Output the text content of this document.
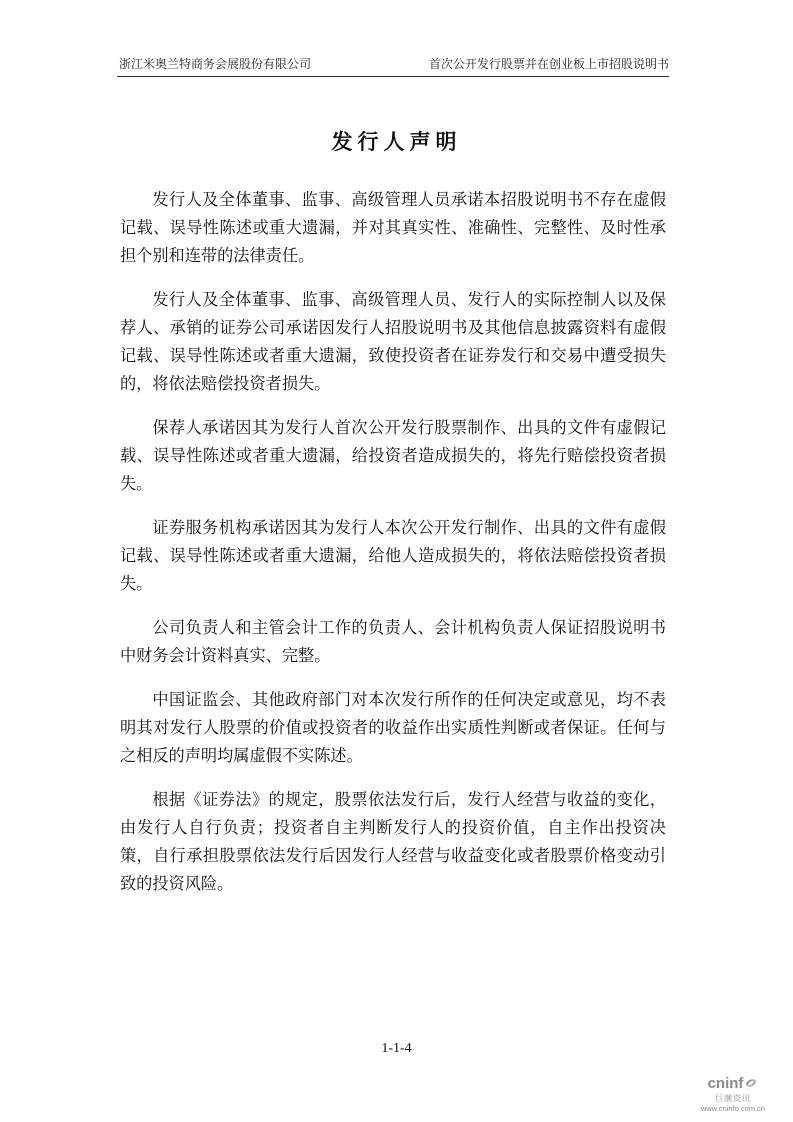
浙江米奥兰特商务会展股份有限公司	首次公开发行股票并在创业板上市招股说明书
发行人声明

发行人及全体董事、监事、高级管理人员承诺本招股说明书不存在虚假记载、误导性陈述或重大遗漏，并对其真实性、准确性、完整性、及时性承担个别和连带的法律责任。

发行人及全体董事、监事、高级管理人员、发行人的实际控制人以及保荐人、承销的证券公司承诺因发行人招股说明书及其他信息披露资料有虚假记载、误导性陈述或者重大遗漏，致使投资者在证券发行和交易中遭受损失的，将依法赔偿投资者损失。

保荐人承诺因其为发行人首次公开发行股票制作、出具的文件有虚假记载、误导性陈述或者重大遗漏，给投资者造成损失的，将先行赔偿投资者损失。

证券服务机构承诺因其为发行人本次公开发行制作、出具的文件有虚假记载、误导性陈述或者重大遗漏，给他人造成损失的，将依法赔偿投资者损失。

公司负责人和主管会计工作的负责人、会计机构负责人保证招股说明书中财务会计资料真实、完整。

中国证监会、其他政府部门对本次发行所作的任何决定或意见，均不表明其对发行人股票的价值或投资者的收益作出实质性判断或者保证。任何与之相反的声明均属虚假不实陈述。

根据《证券法》的规定，股票依法发行后，发行人经营与收益的变化，由发行人自行负责；投资者自主判断发行人的投资价值，自主作出投资决策，自行承担股票依法发行后因发行人经营与收益变化或者股票价格变动引致的投资风险。

1-1-4
cninf
巨潮资讯
www.cninfo.com.cn
